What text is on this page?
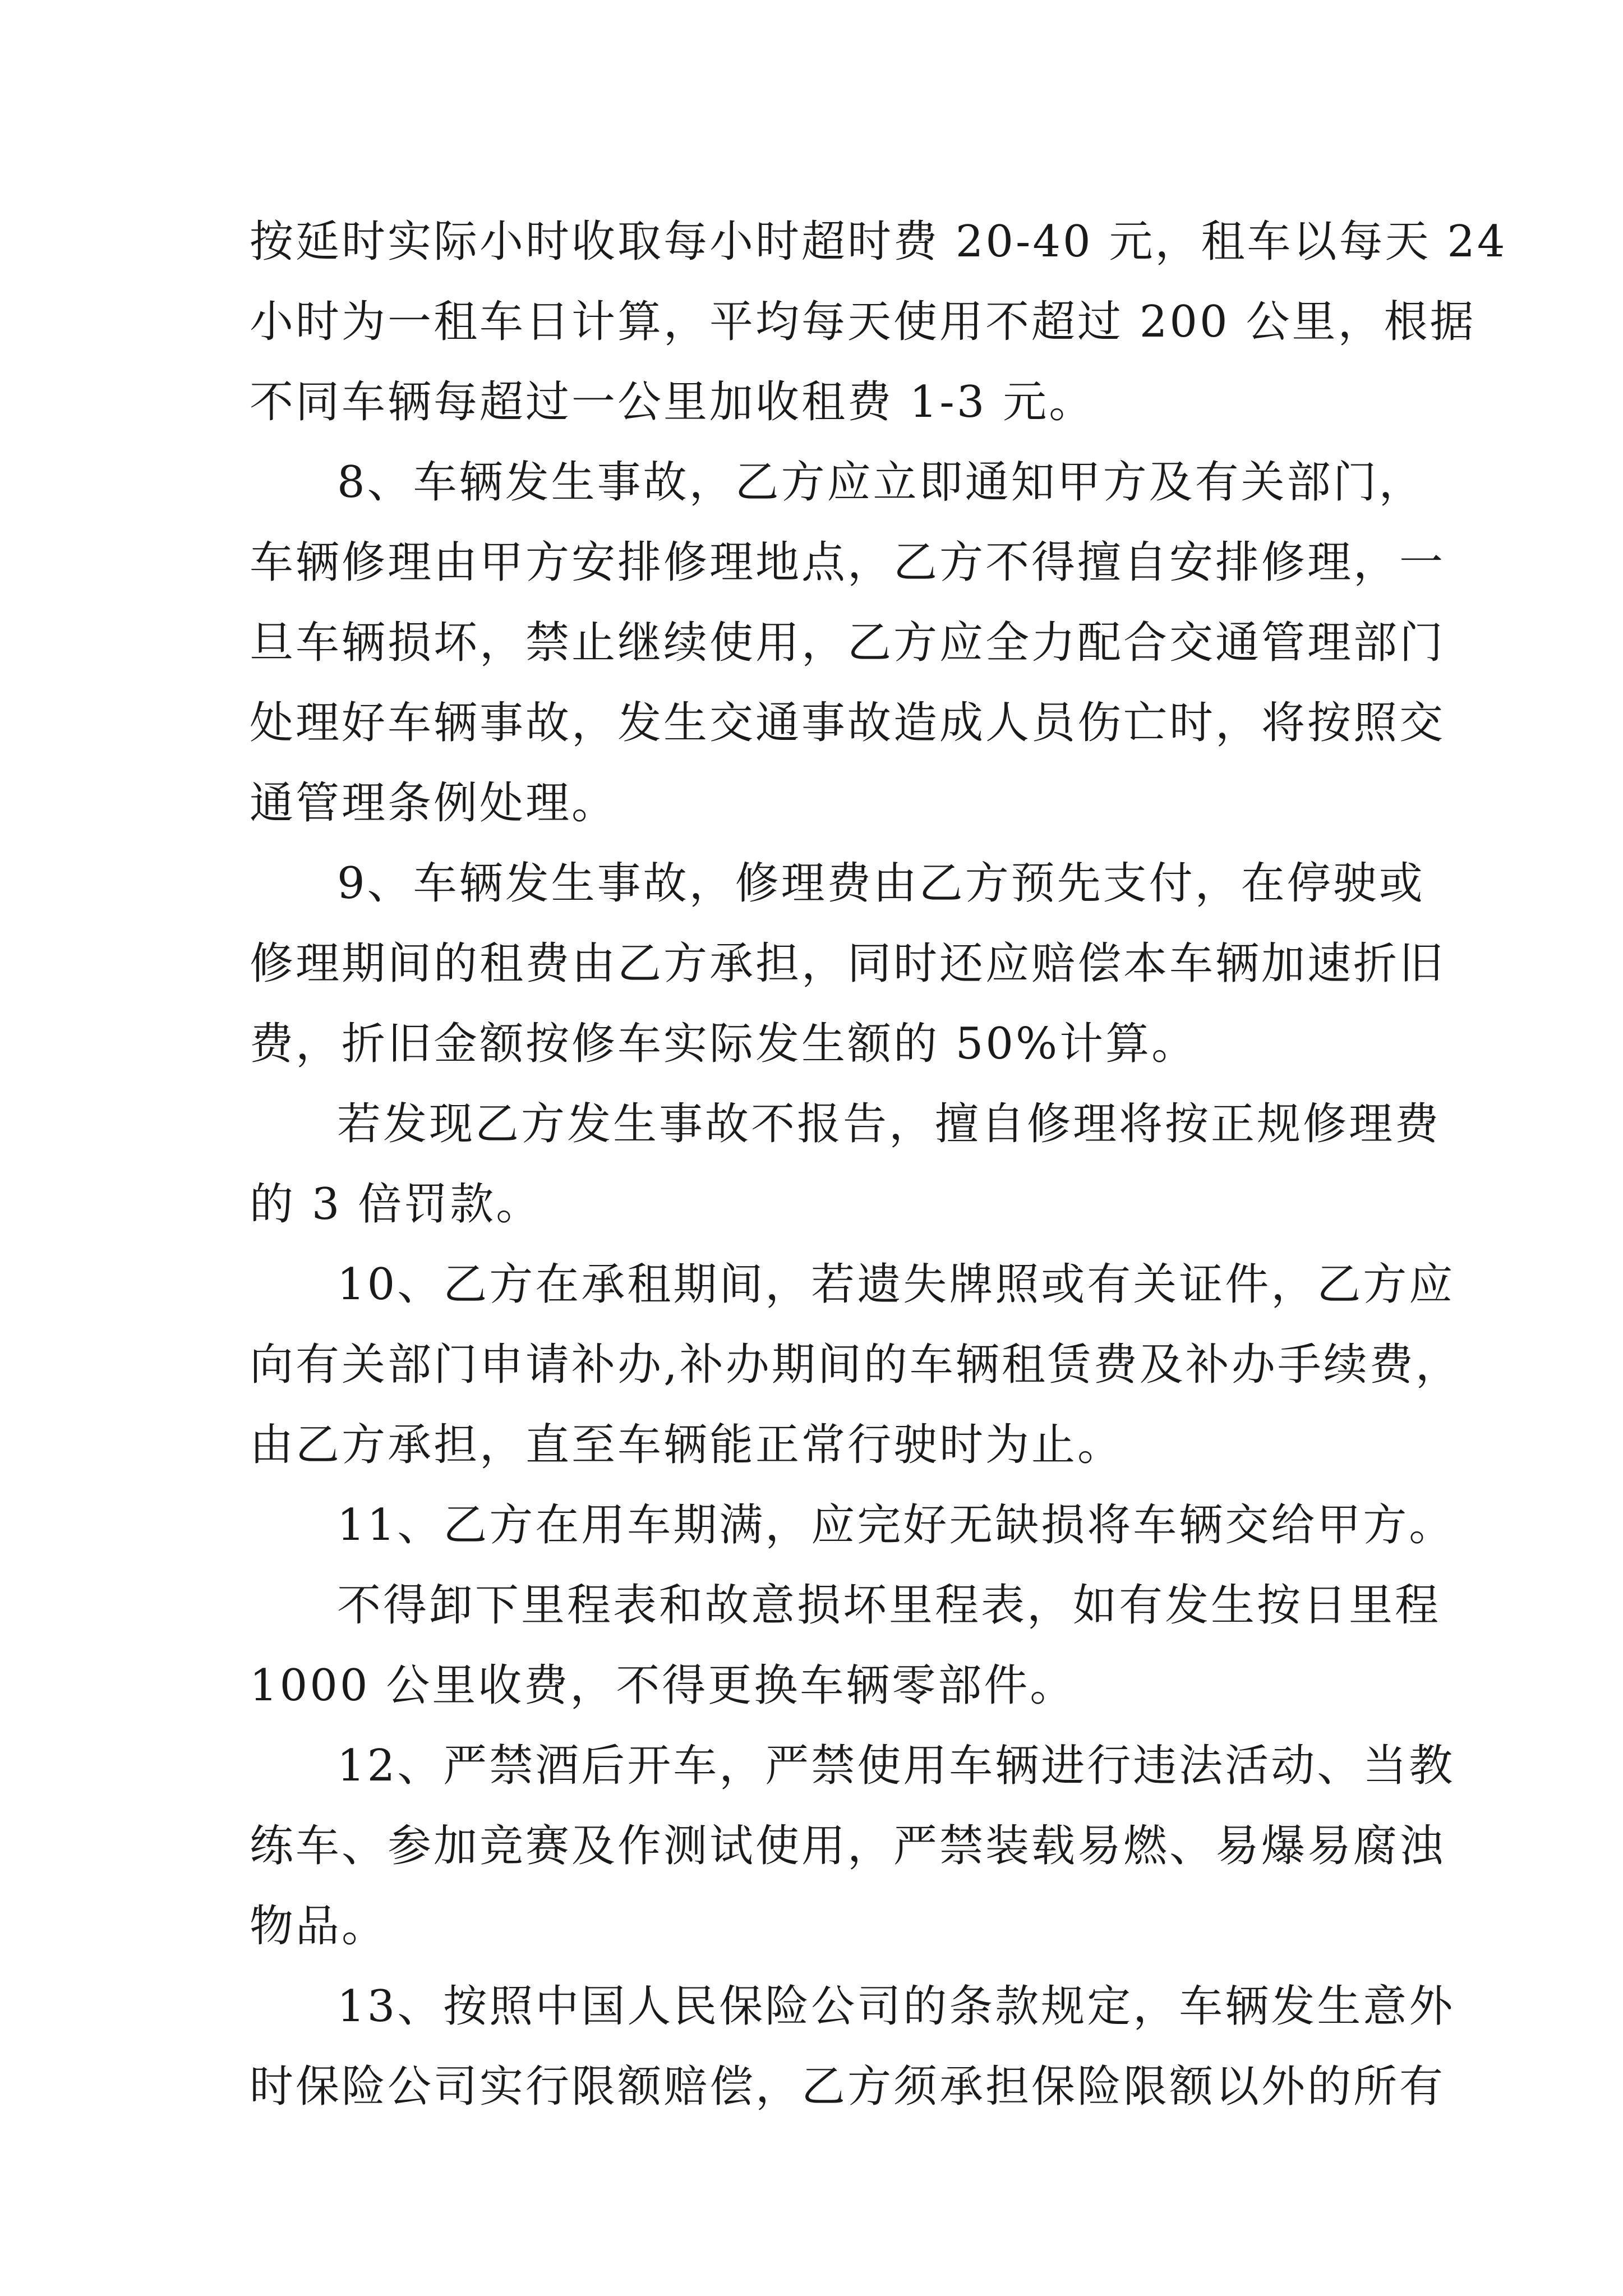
按延时实际小时收取每小时超时费 20-40 元，租车以每天 24
小时为一租车日计算，平均每天使用不超过 200 公里，根据
不同车辆每超过一公里加收租费 1-3 元。
8、车辆发生事故，乙方应立即通知甲方及有关部门，
车辆修理由甲方安排修理地点，乙方不得擅自安排修理，一
旦车辆损坏，禁止继续使用，乙方应全力配合交通管理部门
处理好车辆事故，发生交通事故造成人员伤亡时，将按照交
通管理条例处理。
9、车辆发生事故，修理费由乙方预先支付，在停驶或
修理期间的租费由乙方承担，同时还应赔偿本车辆加速折旧
费，折旧金额按修车实际发生额的 50%计算。
若发现乙方发生事故不报告，擅自修理将按正规修理费
的 3 倍罚款。
10、乙方在承租期间，若遗失牌照或有关证件，乙方应
向有关部门申请补办,补办期间的车辆租赁费及补办手续费，
由乙方承担，直至车辆能正常行驶时为止。
11、乙方在用车期满，应完好无缺损将车辆交给甲方。
不得卸下里程表和故意损坏里程表，如有发生按日里程
1000 公里收费，不得更换车辆零部件。
12、严禁酒后开车，严禁使用车辆进行违法活动、当教
练车、参加竞赛及作测试使用，严禁装载易燃、易爆易腐浊
物品。
13、按照中国人民保险公司的条款规定，车辆发生意外
时保险公司实行限额赔偿，乙方须承担保险限额以外的所有
